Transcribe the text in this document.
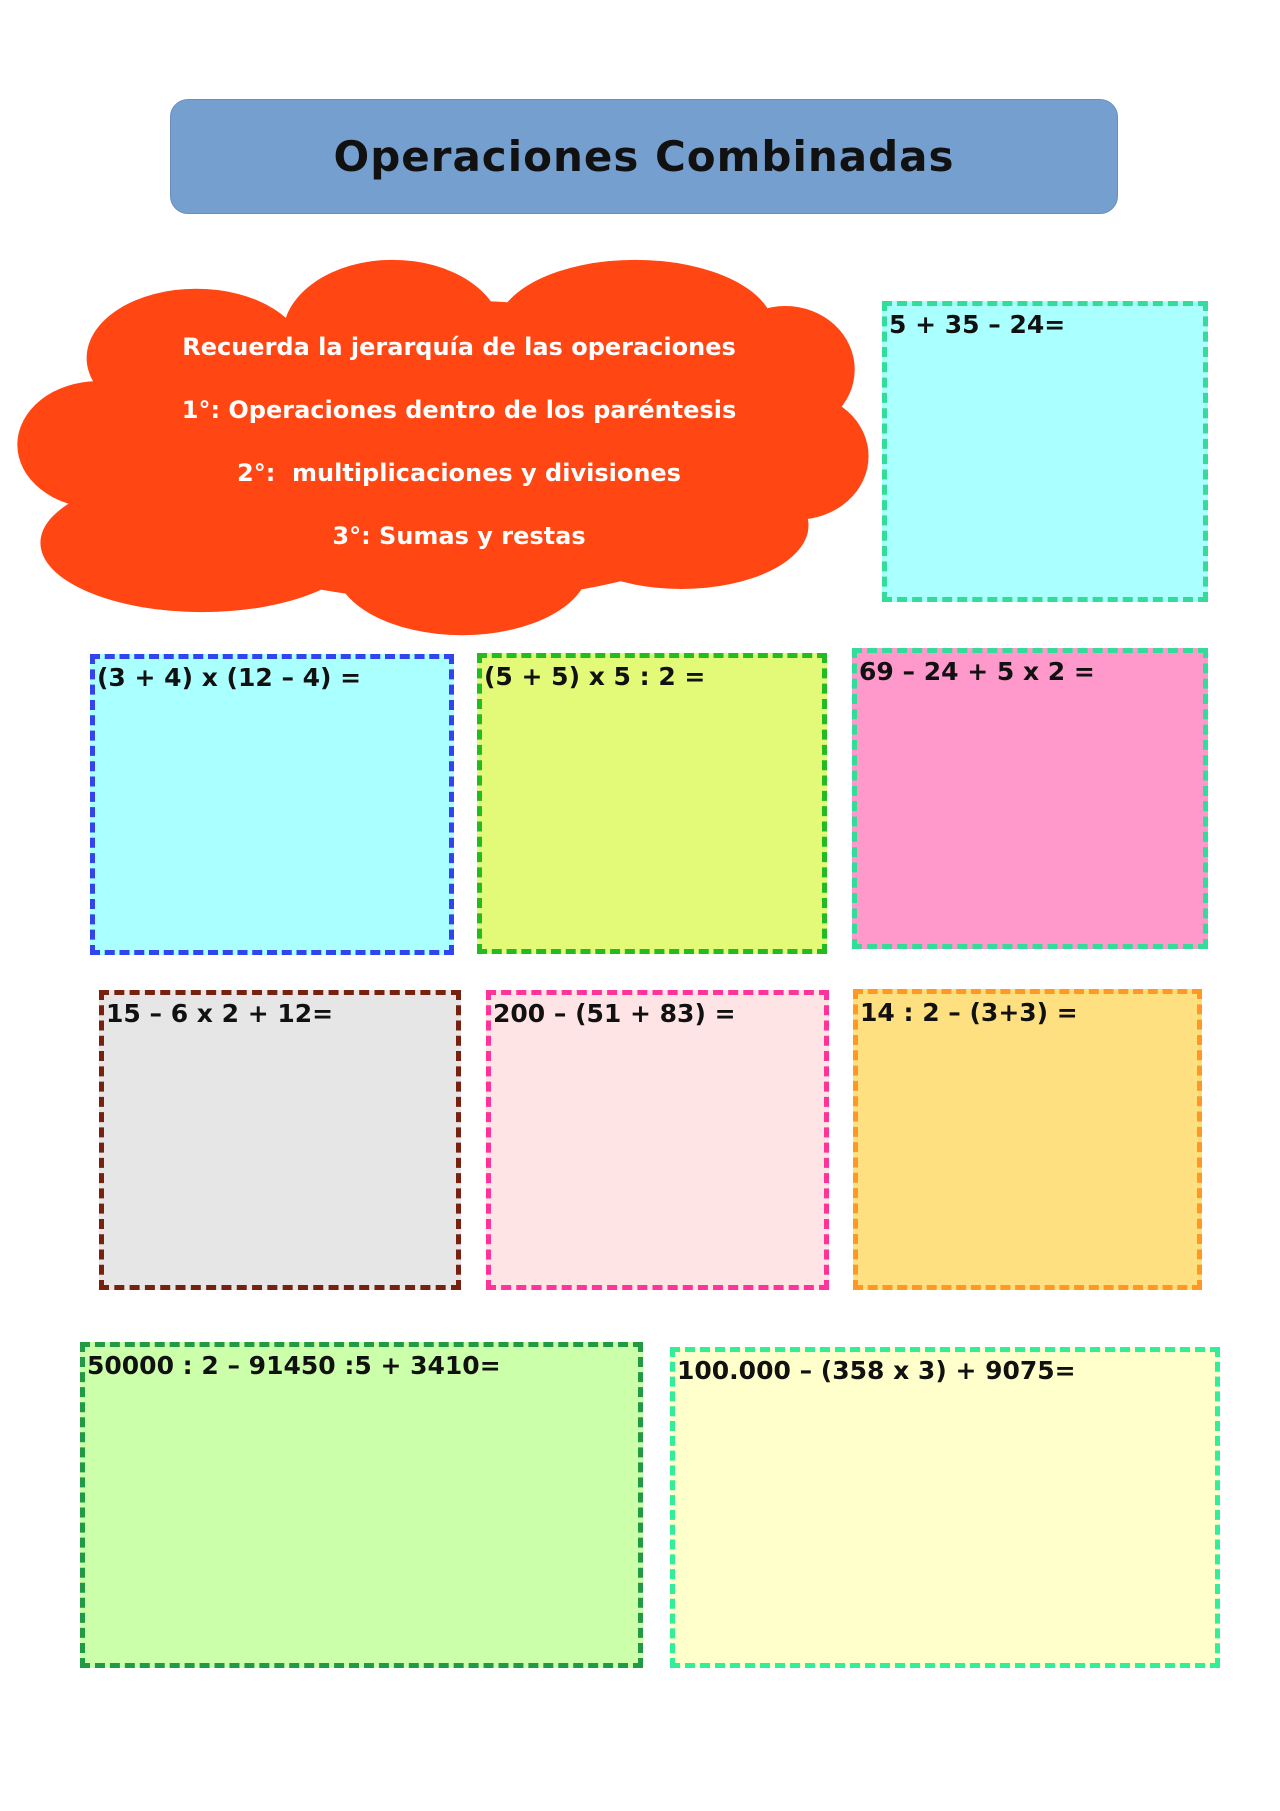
Operaciones Combinadas
Recuerda la jerarquía de las operaciones
1°: Operaciones dentro de los paréntesis
2°:  multiplicaciones y divisiones
3°: Sumas y restas
5 + 35 – 24=
(3 + 4) x (12 – 4) =	(5 + 5) x 5 : 2 =	69 – 24 + 5 x 2 =
15 – 6 x 2 + 12=	200 – (51 + 83) =	14 : 2 – (3+3) =
50000 : 2 – 91450 :5 + 3410=	100.000 – (358 x 3) + 9075=
